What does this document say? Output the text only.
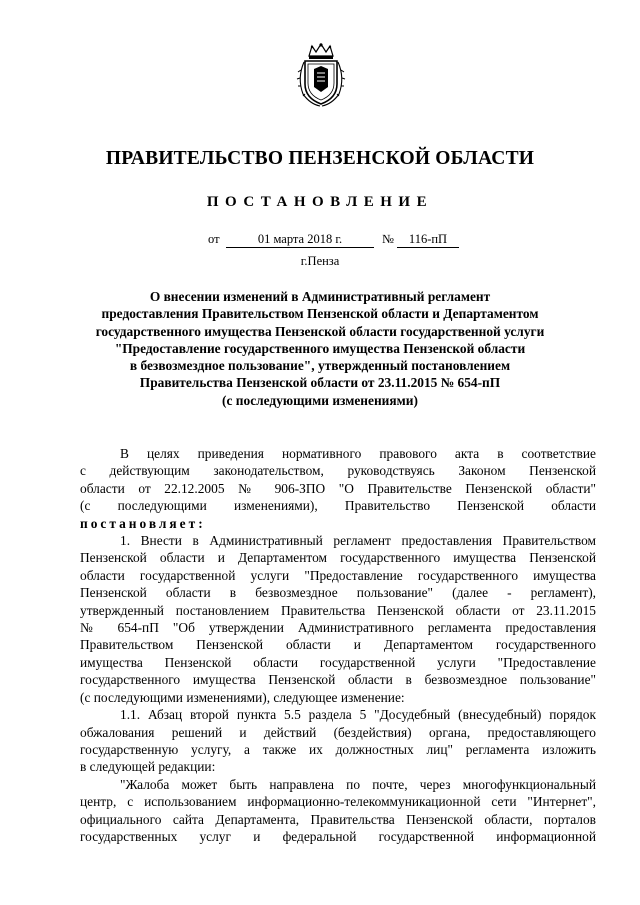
ПРАВИТЕЛЬСТВО ПЕНЗЕНСКОЙ ОБЛАСТИ
ПОСТАНОВЛЕНИЕ
от	01 марта 2018 г.	№	116-пП
г.Пенза
О внесении изменений в Административный регламент
предоставления Правительством Пензенской области и Департаментом
государственного имущества Пензенской области государственной услуги
"Предоставление государственного имущества Пензенской области
в безвозмездное пользование", утвержденный постановлением
Правительства Пензенской области от 23.11.2015 № 654-пП
(с последующими изменениями)
В целях приведения нормативного правового акта в соответствие
с действующим законодательством, руководствуясь Законом Пензенской
области от 22.12.2005 № 906-ЗПО "О Правительстве Пензенской области"
(с последующими изменениями), Правительство Пензенской области
постановляет:
1. Внести в Административный регламент предоставления Правительством
Пензенской области и Департаментом государственного имущества Пензенской
области государственной услуги "Предоставление государственного имущества
Пензенской области в безвозмездное пользование" (далее - регламент),
утвержденный постановлением Правительства Пензенской области от 23.11.2015
№ 654-пП "Об утверждении Административного регламента предоставления
Правительством Пензенской области и Департаментом государственного
имущества Пензенской области государственной услуги "Предоставление
государственного имущества Пензенской области в безвозмездное пользование"
(с последующими изменениями), следующее изменение:
1.1. Абзац второй пункта 5.5 раздела 5 "Досудебный (внесудебный) порядок
обжалования решений и действий (бездействия) органа, предоставляющего
государственную услугу, а также их должностных лиц" регламента изложить
в следующей редакции:
"Жалоба может быть направлена по почте, через многофункциональный
центр, с использованием информационно-телекоммуникационной сети "Интернет",
официального сайта Департамента, Правительства Пензенской области, порталов
государственных услуг и федеральной государственной информационной
